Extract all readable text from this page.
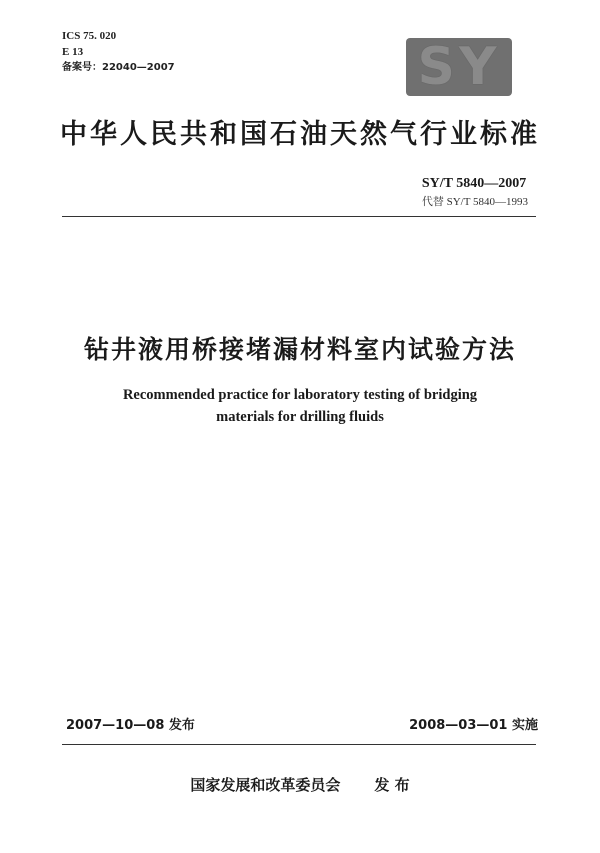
ICS 75. 020
E 13
备案号：22040—2007	SY
中华人民共和国石油天然气行业标准
SY/T 5840—2007
代替 SY/T 5840—1993
钻井液用桥接堵漏材料室内试验方法
Recommended practice for laboratory testing of bridging
materials for drilling fluids
2007—10—08 发布	2008—03—01 实施
国家发展和改革委员会 发 布
